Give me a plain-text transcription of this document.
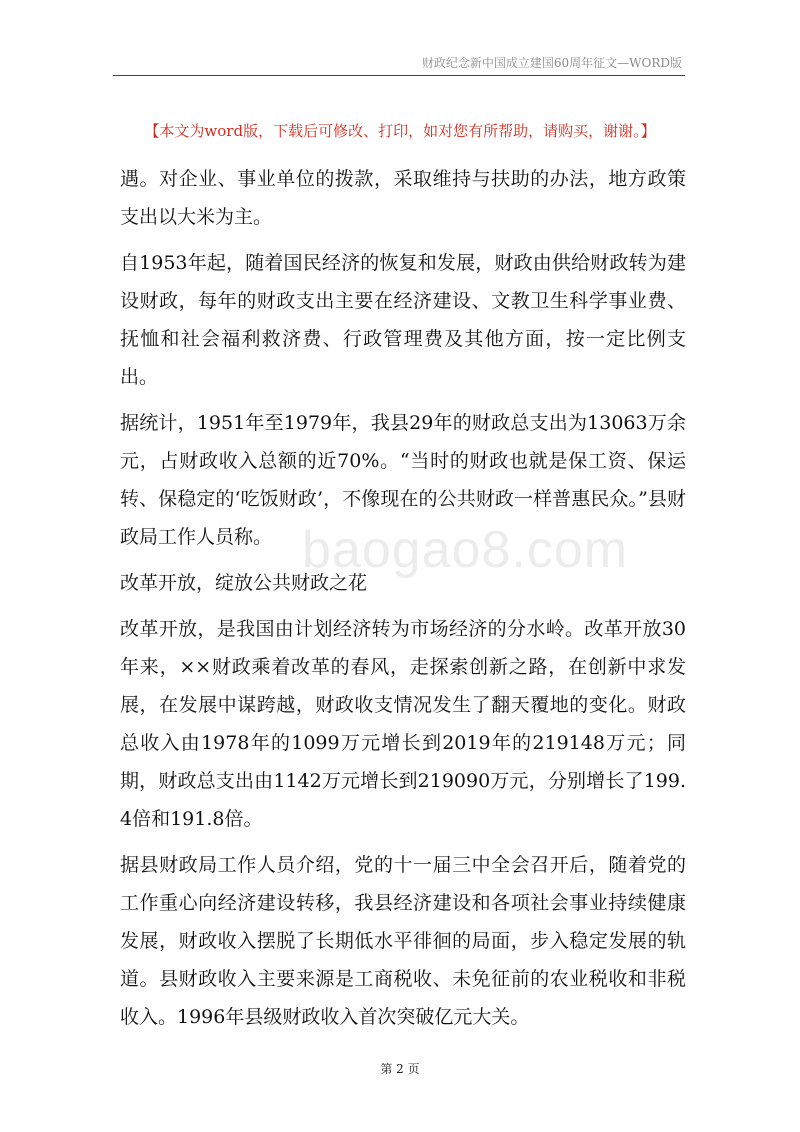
财政纪念新中国成立建国60周年征文—WORD版
【本文为word版，下载后可修改、打印，如对您有所帮助，请购买，谢谢。】
baogao8.com

遇。对企业、事业单位的拨款，采取维持与扶助的办法，地方政策支出以大米为主。

自1953年起，随着国民经济的恢复和发展，财政由供给财政转为建设财政，每年的财政支出主要在经济建设、文教卫生科学事业费、抚恤和社会福利救济费、行政管理费及其他方面，按一定比例支出。

据统计，1951年至1979年，我县29年的财政总支出为13063万余元，占财政收入总额的近70%。“当时的财政也就是保工资、保运转、保稳定的‘吃饭财政’，不像现在的公共财政一样普惠民众。”县财政局工作人员称。

改革开放，绽放公共财政之花

改革开放，是我国由计划经济转为市场经济的分水岭。改革开放30年来，××财政乘着改革的春风，走探索创新之路，在创新中求发展，在发展中谋跨越，财政收支情况发生了翻天覆地的变化。财政总收入由1978年的1099万元增长到2019年的219148万元；同期，财政总支出由1142万元增长到219090万元，分别增长了199.4倍和191.8倍。

据县财政局工作人员介绍，党的十一届三中全会召开后，随着党的工作重心向经济建设转移，我县经济建设和各项社会事业持续健康发展，财政收入摆脱了长期低水平徘徊的局面，步入稳定发展的轨道。县财政收入主要来源是工商税收、未免征前的农业税收和非税收入。1996年县级财政收入首次突破亿元大关。

第 2 页
